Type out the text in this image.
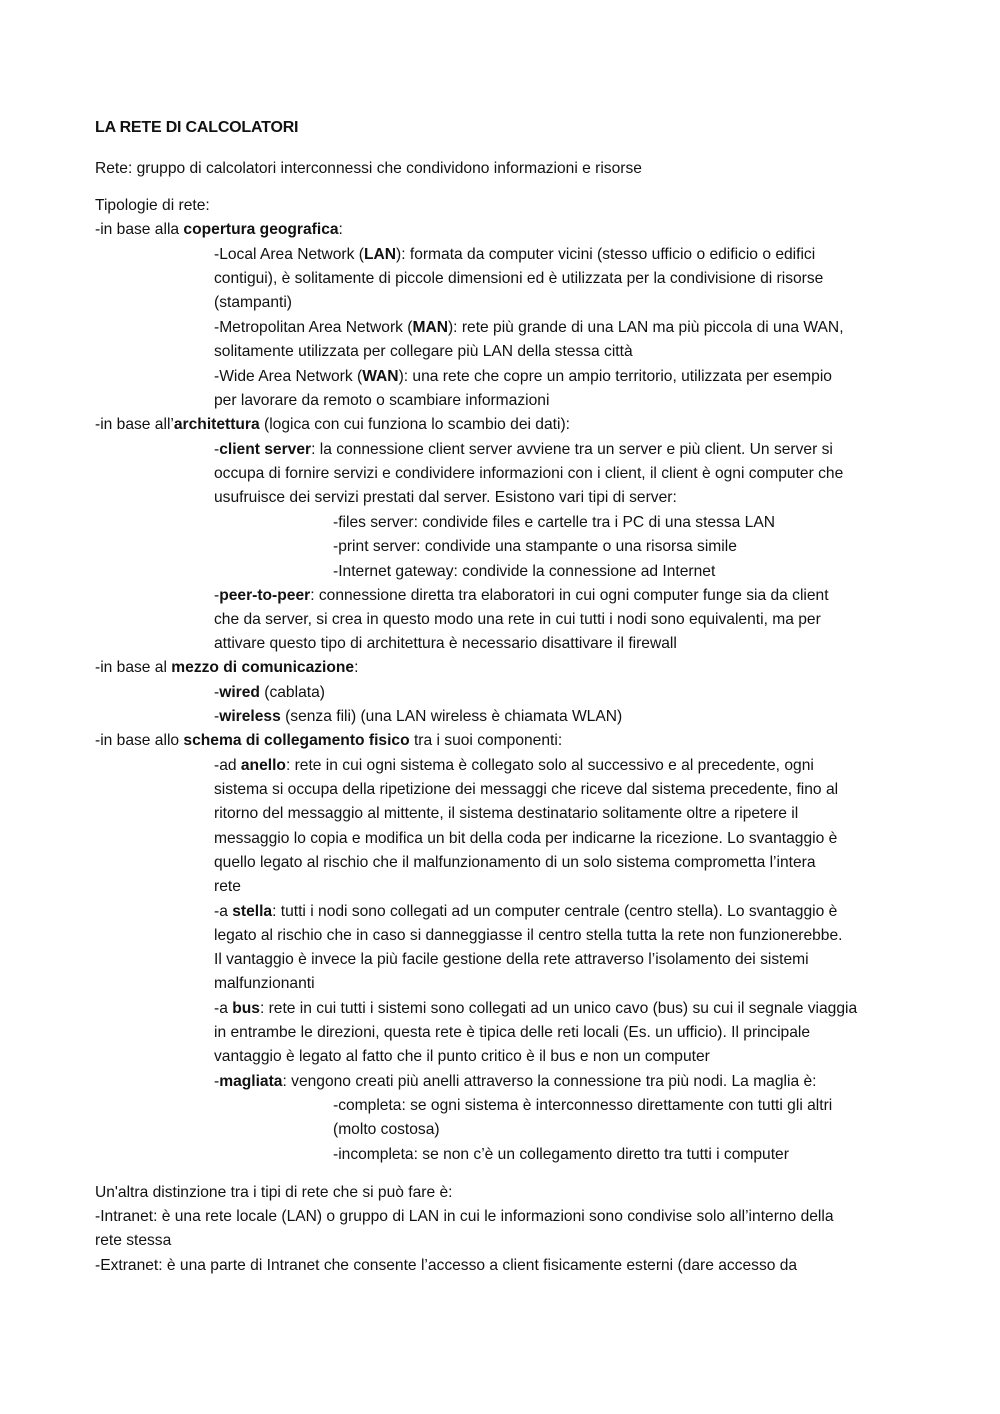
LA RETE DI CALCOLATORI
Rete: gruppo di calcolatori interconnessi che condividono informazioni e risorse
Tipologie di rete:
-in base alla copertura geografica:
-Local Area Network (LAN): formata da computer vicini (stesso ufficio o edificio o edifici
contigui), è solitamente di piccole dimensioni ed è utilizzata per la condivisione di risorse
(stampanti)
-Metropolitan Area Network (MAN): rete più grande di una LAN ma più piccola di una WAN,
solitamente utilizzata per collegare più LAN della stessa città
-Wide Area Network (WAN): una rete che copre un ampio territorio, utilizzata per esempio
per lavorare da remoto o scambiare informazioni
-in base all’architettura (logica con cui funziona lo scambio dei dati):
-client server: la connessione client server avviene tra un server e più client. Un server si
occupa di fornire servizi e condividere informazioni con i client, il client è ogni computer che
usufruisce dei servizi prestati dal server. Esistono vari tipi di server:
-files server: condivide files e cartelle tra i PC di una stessa LAN
-print server: condivide una stampante o una risorsa simile
-Internet gateway: condivide la connessione ad Internet
-peer-to-peer: connessione diretta tra elaboratori in cui ogni computer funge sia da client
che da server, si crea in questo modo una rete in cui tutti i nodi sono equivalenti, ma per
attivare questo tipo di architettura è necessario disattivare il firewall
-in base al mezzo di comunicazione:
-wired (cablata)
-wireless (senza fili) (una LAN wireless è chiamata WLAN)
-in base allo schema di collegamento fisico tra i suoi componenti:
-ad anello: rete in cui ogni sistema è collegato solo al successivo e al precedente, ogni
sistema si occupa della ripetizione dei messaggi che riceve dal sistema precedente, fino al
ritorno del messaggio al mittente, il sistema destinatario solitamente oltre a ripetere il
messaggio lo copia e modifica un bit della coda per indicarne la ricezione. Lo svantaggio è
quello legato al rischio che il malfunzionamento di un solo sistema comprometta l’intera
rete
-a stella: tutti i nodi sono collegati ad un computer centrale (centro stella). Lo svantaggio è
legato al rischio che in caso si danneggiasse il centro stella tutta la rete non funzionerebbe.
Il vantaggio è invece la più facile gestione della rete attraverso l’isolamento dei sistemi
malfunzionanti
-a bus: rete in cui tutti i sistemi sono collegati ad un unico cavo (bus) su cui il segnale viaggia
in entrambe le direzioni, questa rete è tipica delle reti locali (Es. un ufficio). Il principale
vantaggio è legato al fatto che il punto critico è il bus e non un computer
-magliata: vengono creati più anelli attraverso la connessione tra più nodi. La maglia è:
-completa: se ogni sistema è interconnesso direttamente con tutti gli altri
(molto costosa)
-incompleta: se non c’è un collegamento diretto tra tutti i computer
Un'altra distinzione tra i tipi di rete che si può fare è:
-Intranet: è una rete locale (LAN) o gruppo di LAN in cui le informazioni sono condivise solo all’interno della
rete stessa
-Extranet: è una parte di Intranet che consente l’accesso a client fisicamente esterni (dare accesso da
